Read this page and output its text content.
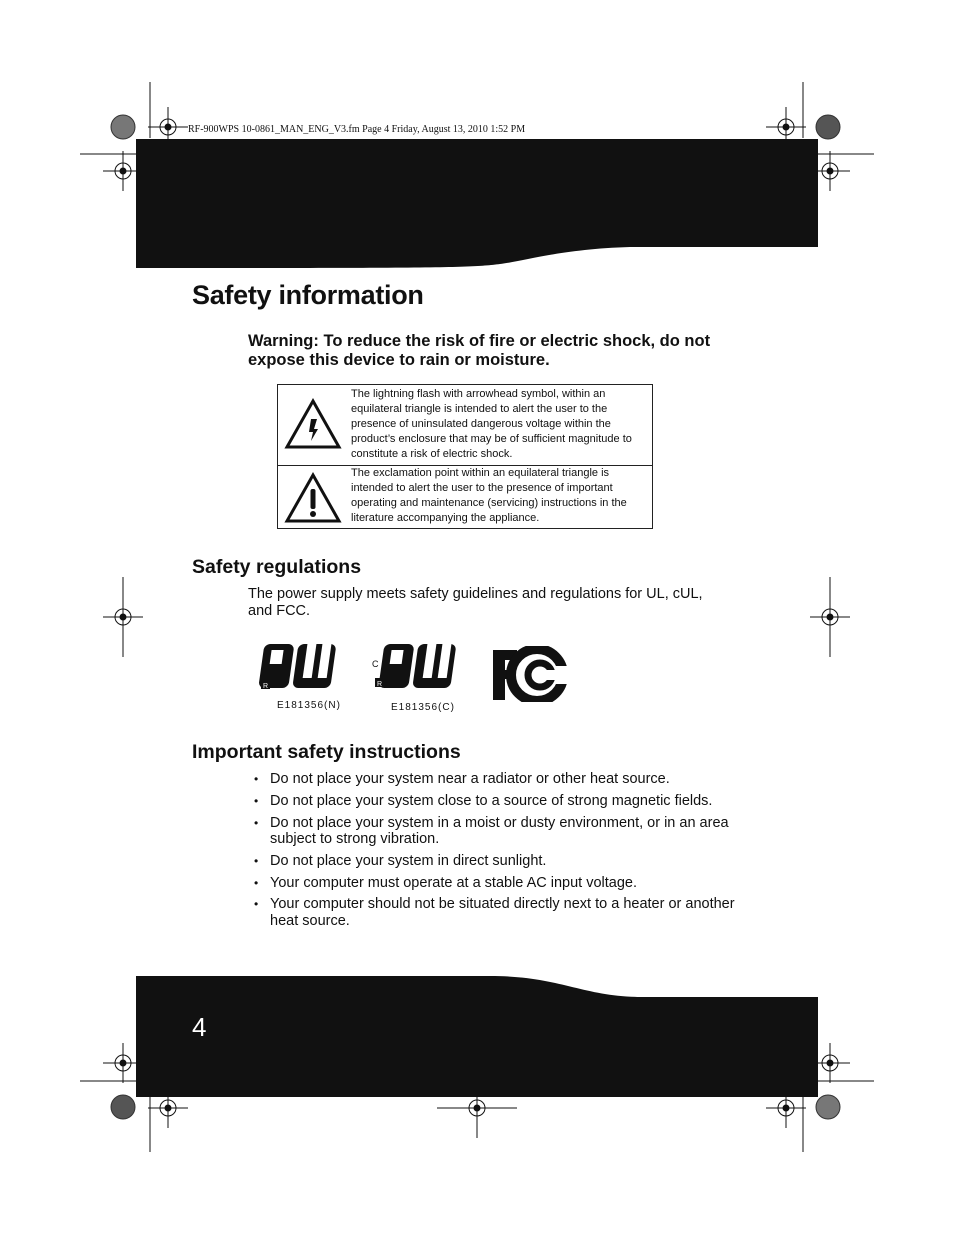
RF-900WPS 10-0861_MAN_ENG_V3.fm Page 4 Friday, August 13, 2010 1:52 PM
Safety information
Warning: To reduce the risk of fire or electric shock, do not expose this device to rain or moisture.
The lightning flash with arrowhead symbol, within an equilateral triangle is intended to alert the user to the presence of uninsulated dangerous voltage within the product’s enclosure that may be of sufficient magnitude to constitute a risk of electric shock.
The exclamation point within an equilateral triangle is intended to alert the user to the presence of important operating and maintenance (servicing) instructions in the literature accompanying the appliance.
Safety regulations
The power supply meets safety guidelines and regulations for UL, cUL, and FCC.
R
E181356(N)
R
C
E181356(C)
Important safety instructions
• Do not place your system near a radiator or other heat source.
• Do not place your system close to a source of strong magnetic fields.
• Do not place your system in a moist or dusty environment, or in an area subject to strong vibration.
• Do not place your system in direct sunlight.
• Your computer must operate at a stable AC input voltage.
• Your computer should not be situated directly next to a heater or another heat source.
4
